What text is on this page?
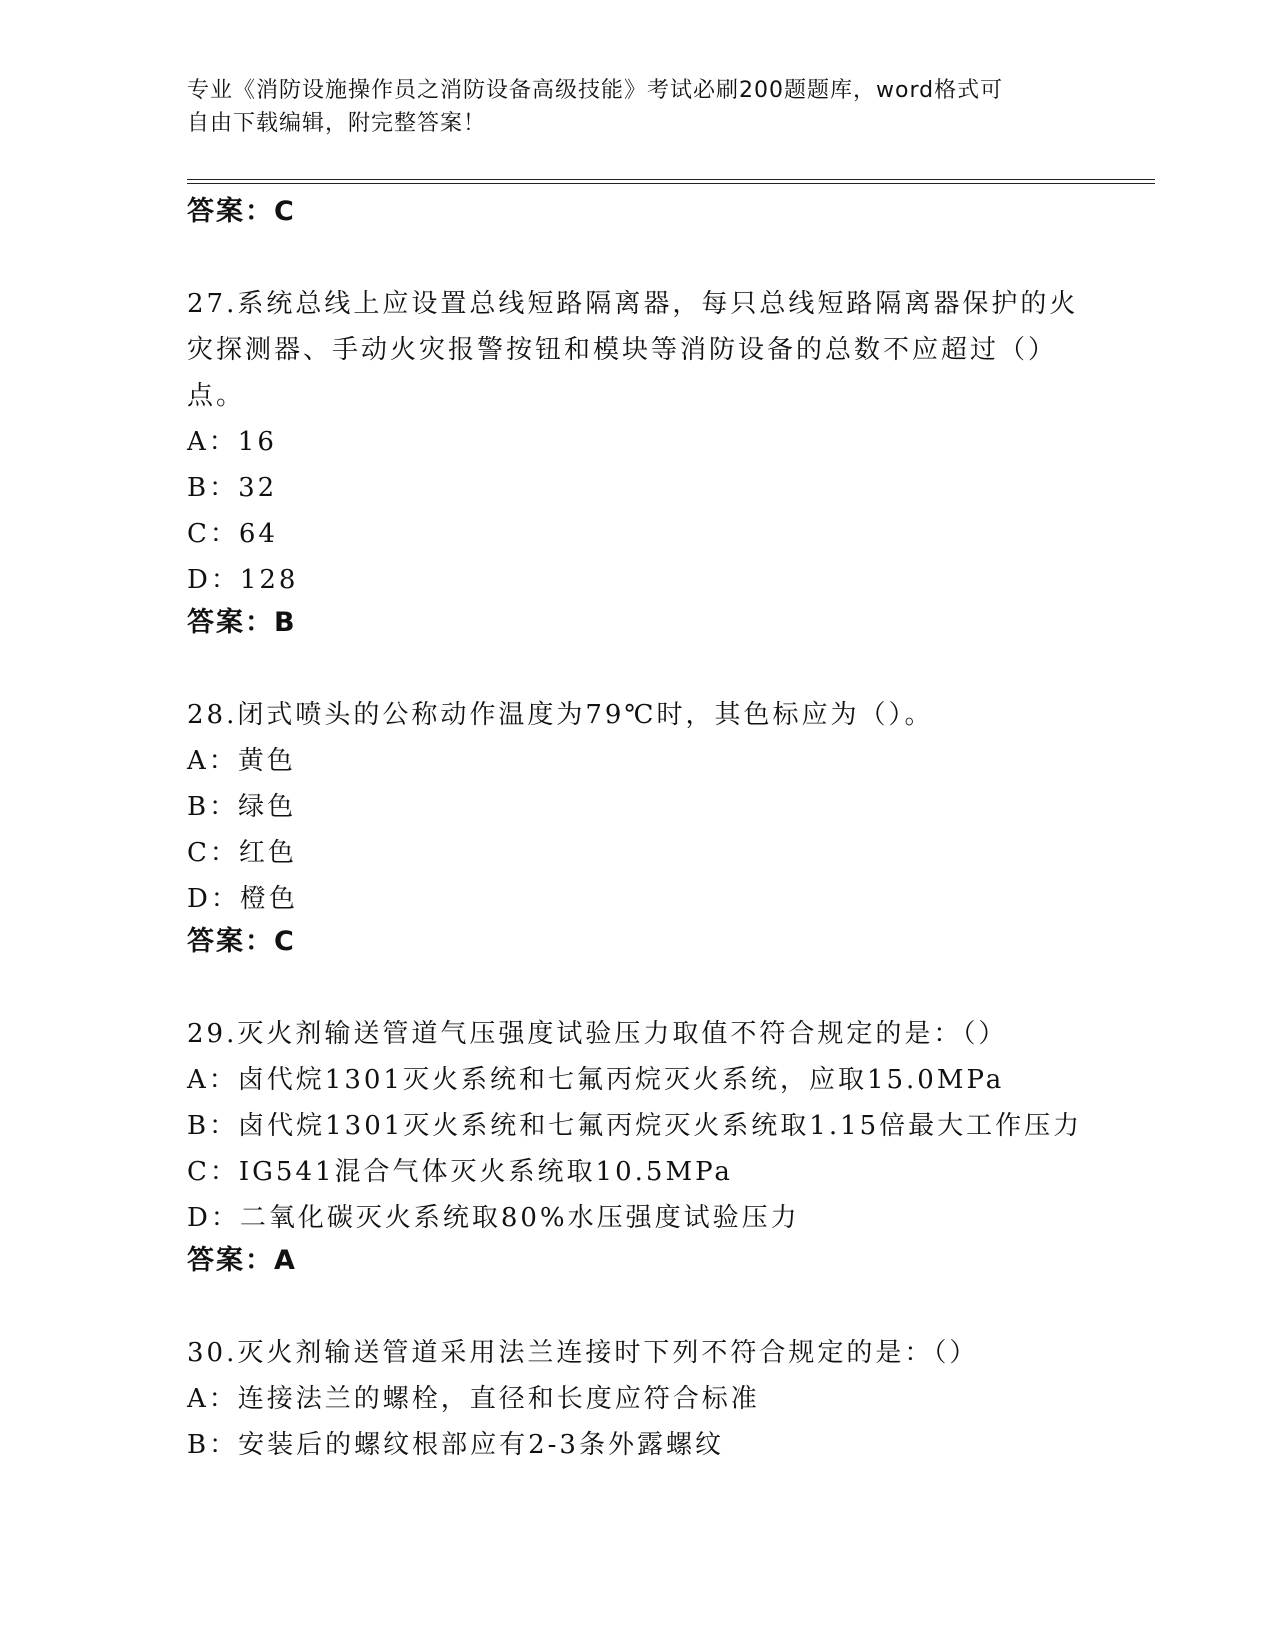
专业《消防设施操作员之消防设备高级技能》考试必刷200题题库，word格式可
自由下载编辑，附完整答案！
答案：C
27.系统总线上应设置总线短路隔离器，每只总线短路隔离器保护的火
灾探测器、手动火灾报警按钮和模块等消防设备的总数不应超过（）
点。
A：16
B：32
C：64
D：128
答案：B
28.闭式喷头的公称动作温度为79℃时，其色标应为（）。
A：黄色
B：绿色
C：红色
D：橙色
答案：C
29.灭火剂输送管道气压强度试验压力取值不符合规定的是：（）
A：卤代烷1301灭火系统和七氟丙烷灭火系统，应取15.0MPa
B：卤代烷1301灭火系统和七氟丙烷灭火系统取1.15倍最大工作压力
C：IG541混合气体灭火系统取10.5MPa
D：二氧化碳灭火系统取80%水压强度试验压力
答案：A
30.灭火剂输送管道采用法兰连接时下列不符合规定的是：（）
A：连接法兰的螺栓，直径和长度应符合标准
B：安装后的螺纹根部应有2-3条外露螺纹
